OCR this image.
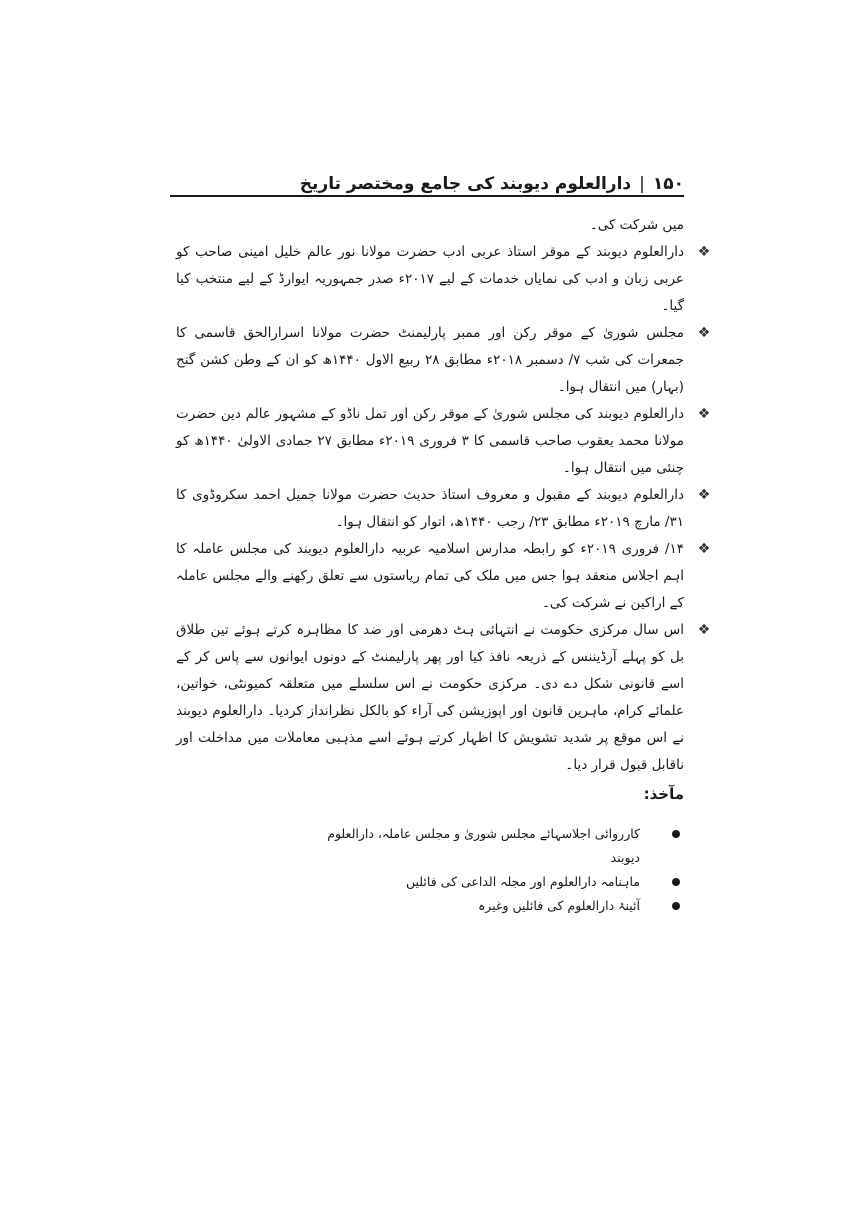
۱۵۰
|
دارالعلوم دیوبند کی جامع ومختصر تاریخ

میں شرکت کی۔

❖
دارالعلوم دیوبند کے موقر استاذ عربی ادب حضرت مولانا نور عالم خلیل امینی صاحب کو عربی زبان و ادب کی نمایاں خدمات کے لیے ۲۰۱۷ء صدر جمہوریہ ایوارڈ کے لیے منتخب کیا گیا۔

❖
مجلس شوریٰ کے موقر رکن اور ممبر پارلیمنٹ حضرت مولانا اسرارالحق قاسمی کا جمعرات کی شب ۷/ دسمبر ۲۰۱۸ء مطابق ۲۸ ربیع الاول ۱۴۴۰ھ کو ان کے وطن کشن گنج (بہار) میں انتقال ہوا۔

❖
دارالعلوم دیوبند کی مجلس شوریٰ کے موقر رکن اور تمل ناڈو کے مشہور عالم دین حضرت مولانا محمد یعقوب صاحب قاسمی کا ۳ فروری ۲۰۱۹ء مطابق ۲۷ جمادی الاولیٰ ۱۴۴۰ھ کو چنئی میں انتقال ہوا۔

❖
دارالعلوم دیوبند کے مقبول و معروف استاذ حدیث حضرت مولانا جمیل احمد سکروڈوی کا ۳۱/ مارچ ۲۰۱۹ء مطابق ۲۳/ رجب ۱۴۴۰ھ، اتوار کو انتقال ہوا۔

❖
۱۴/ فروری ۲۰۱۹ء کو رابطہ مدارس اسلامیہ عربیہ دارالعلوم دیوبند کی مجلس عاملہ کا اہم اجلاس منعقد ہوا جس میں ملک کی تمام ریاستوں سے تعلق رکھنے والے مجلس عاملہ کے اراکین نے شرکت کی۔

❖
اس سال مرکزی حکومت نے انتہائی ہٹ دھرمی اور ضد کا مظاہرہ کرتے ہوئے تین طلاق بل کو پہلے آرڈیننس کے ذریعہ نافذ کیا اور پھر پارلیمنٹ کے دونوں ایوانوں سے پاس کر کے اسے قانونی شکل دے دی۔ مرکزی حکومت نے اس سلسلے میں متعلقہ کمیونٹی، خواتین، علمائے کرام، ماہرین قانون اور اپوزیشن کی آراء کو بالکل نظرانداز کردیا۔ دارالعلوم دیوبند نے اس موقع پر شدید تشویش کا اظہار کرتے ہوئے اسے مذہبی معاملات میں مداخلت اور ناقابل قبول قرار دیا۔

مآخذ:
کارروائی اجلاسہائے مجلس شوریٰ و مجلس عاملہ، دارالعلوم دیوبند
ماہنامہ دارالعلوم اور مجلہ الداعی کی فائلیں
آئینۂ دارالعلوم کی فائلیں وغیرہ
